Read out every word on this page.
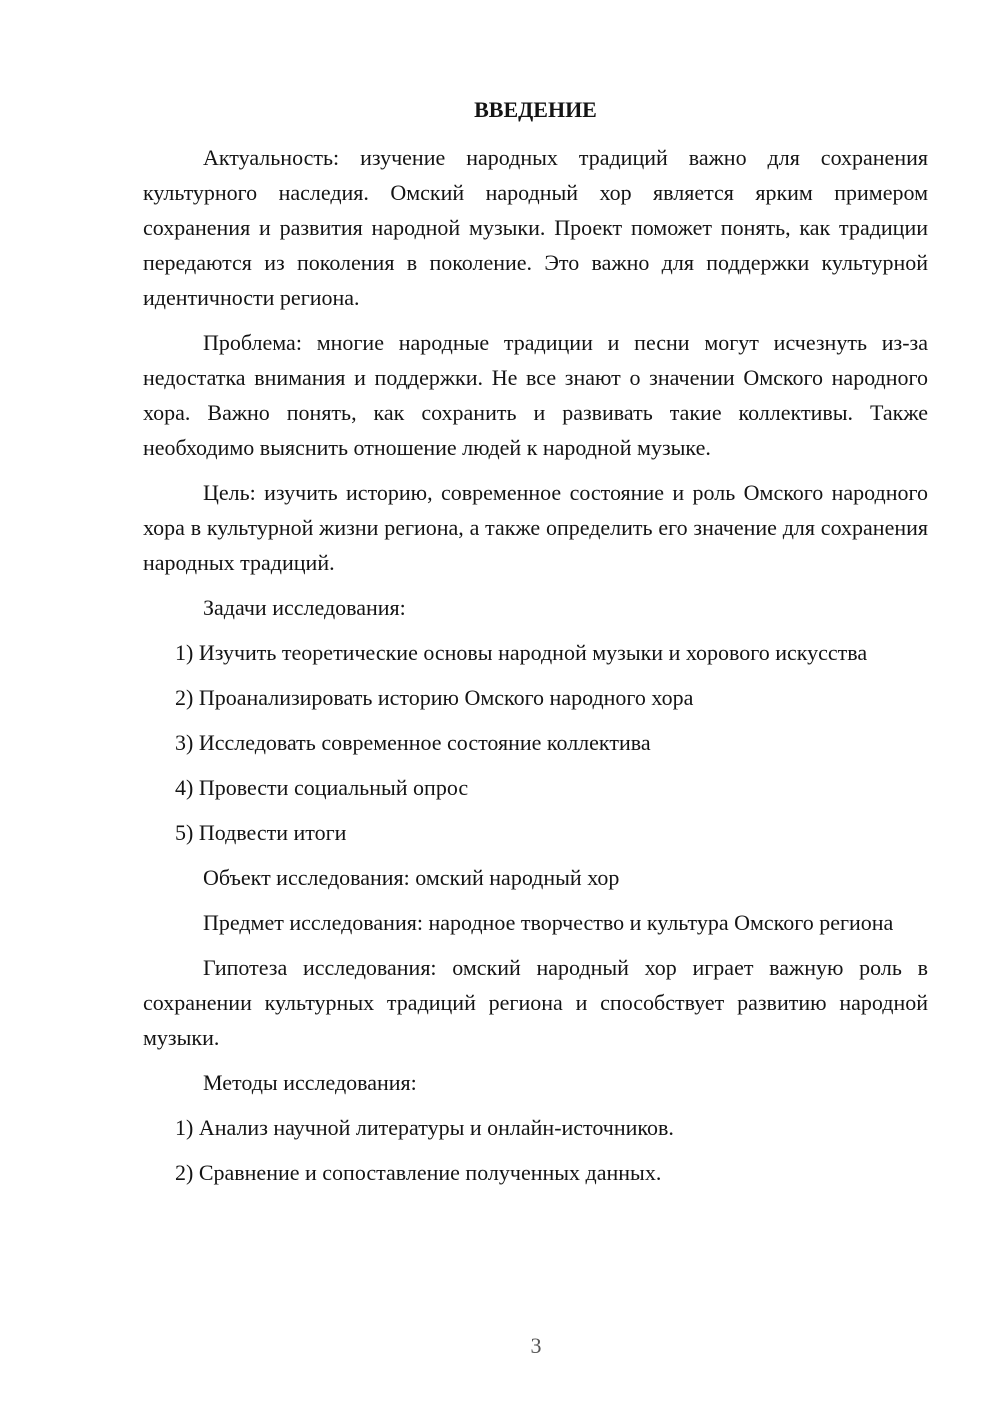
ВВЕДЕНИЕ

Актуальность: изучение народных традиций важно для сохранения культурного наследия. Омский народный хор является ярким примером сохранения и развития народной музыки. Проект поможет понять, как традиции передаются из поколения в поколение. Это важно для поддержки культурной идентичности региона.

Проблема: многие народные традиции и песни могут исчезнуть из-за недостатка внимания и поддержки. Не все знают о значении Омского народного хора. Важно понять, как сохранить и развивать такие коллективы. Также необходимо выяснить отношение людей к народной музыке.

Цель: изучить историю, современное состояние и роль Омского народного хора в культурной жизни региона, а также определить его значение для сохранения народных традиций.

Задачи исследования:

1) Изучить теоретические основы народной музыки и хорового искусства

2) Проанализировать историю Омского народного хора

3) Исследовать современное состояние коллектива

4) Провести социальный опрос

5) Подвести итоги

Объект исследования: омский народный хор

Предмет исследования: народное творчество и культура Омского региона

Гипотеза исследования: омский народный хор играет важную роль в сохранении культурных традиций региона и способствует развитию народной музыки.

Методы исследования:

1) Анализ научной литературы и онлайн-источников.

2) Сравнение и сопоставление полученных данных.

3
